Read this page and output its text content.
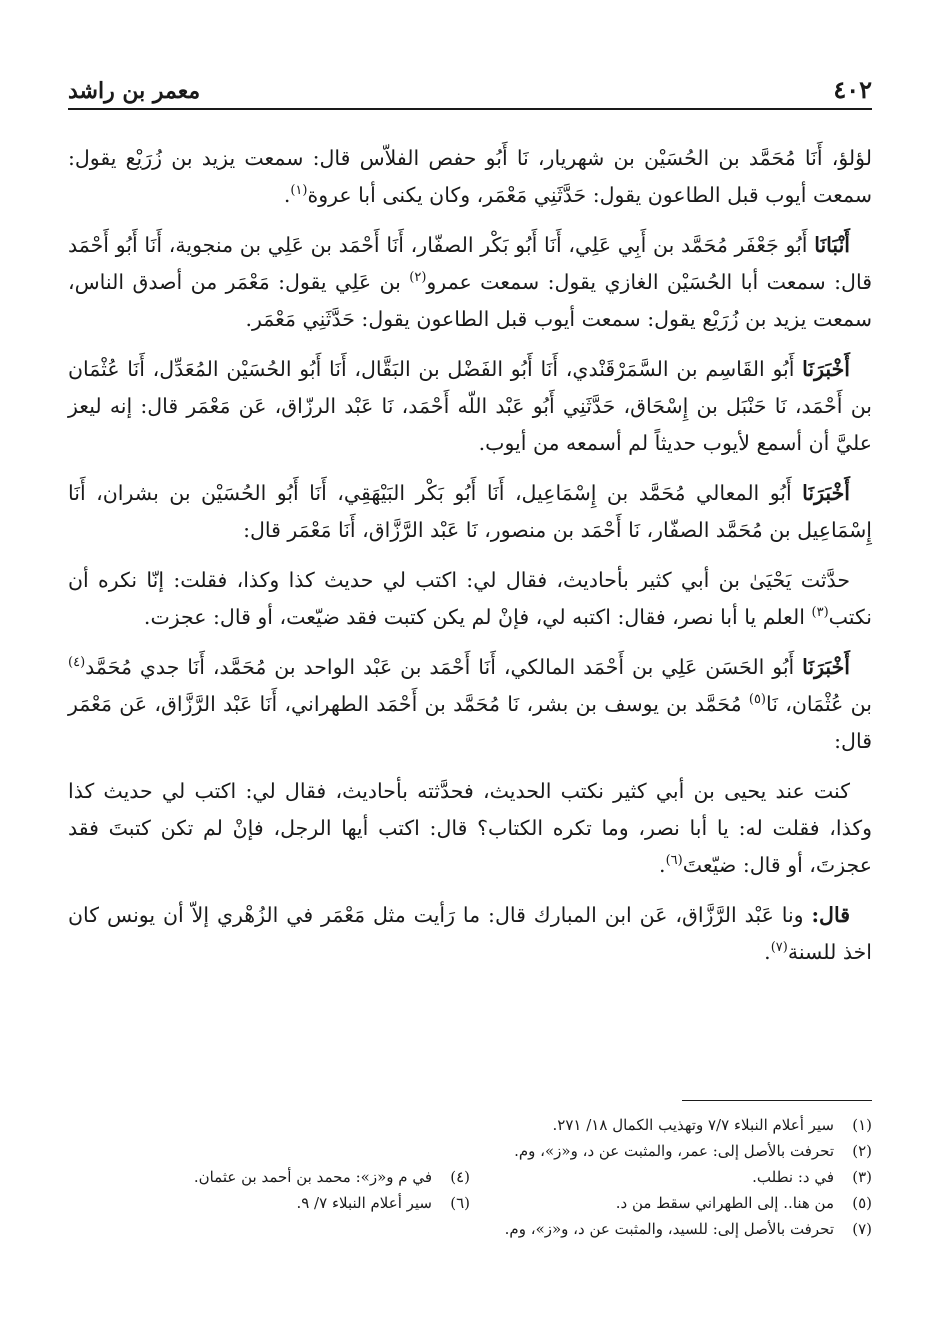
٤٠٢
معمر بن راشد

لؤلؤ، أَنَا مُحَمَّد بن الحُسَيْن بن شهريار، نَا أَبُو حفص الفلاّس قال: سمعت يزيد بن زُرَيْع يقول: سمعت أيوب قبل الطاعون يقول: حَدَّثَنِي مَعْمَر، وكان يكنى أبا عروة$^{(١)}$.

أَنْبَانَا أَبُو جَعْفَر مُحَمَّد بن أَبِي عَلِي، أَنَا أَبُو بَكْر الصفّار، أَنَا أَحْمَد بن عَلِي بن منجوية، أَنَا أَبُو أَحْمَد قال: سمعت أبا الحُسَيْن الغازي يقول: سمعت عمرو$^{(٢)}$ بن عَلِي يقول: مَعْمَر من أصدق الناس، سمعت يزيد بن زُرَيْع يقول: سمعت أيوب قبل الطاعون يقول: حَدَّثَنِي مَعْمَر.

أَخْبَرَنَا أَبُو القَاسِم بن السَّمَرْقَنْدي، أَنَا أَبُو الفَضْل بن البَقَّال، أَنَا أَبُو الحُسَيْن المُعَدِّل، أَنَا عُثْمَان بن أَحْمَد، نَا حَنْبَل بن إِسْحَاق، حَدَّثَنِي أَبُو عَبْد اللّه أَحْمَد، نَا عَبْد الرزّاق، عَن مَعْمَر قال: إنه ليعز عليَّ أن أسمع لأيوب حديثاً لم أسمعه من أيوب.

أَخْبَرَنَا أَبُو المعالي مُحَمَّد بن إِسْمَاعِيل، أَنَا أَبُو بَكْر البَيْهَقِي، أَنَا أَبُو الحُسَيْن بن بشران، أَنَا إِسْمَاعِيل بن مُحَمَّد الصفّار، نَا أَحْمَد بن منصور، نَا عَبْد الرَّزَّاق، أَنَا مَعْمَر قال:

حدَّثت يَحْيَىٰ بن أبي كثير بأحاديث، فقال لي: اكتب لي حديث كذا وكذا، فقلت: إنّا نكره أن نكتب$^{(٣)}$ العلم يا أبا نصر، فقال: اكتبه لي، فإنْ لم يكن كتبت فقد ضيّعت، أو قال: عجزت.

أَخْبَرَنَا أَبُو الحَسَن عَلِي بن أَحْمَد المالكي، أَنَا أَحْمَد بن عَبْد الواحد بن مُحَمَّد، أَنَا جدي مُحَمَّد$^{(٤)}$ بن عُثْمَان، نَا$^{(٥)}$ مُحَمَّد بن يوسف بن بشر، نَا مُحَمَّد بن أَحْمَد الطهراني، أَنَا عَبْد الرَّزَّاق، عَن مَعْمَر قال:

كنت عند يحيى بن أبي كثير نكتب الحديث، فحدَّثته بأحاديث، فقال لي: اكتب لي حديث كذا وكذا، فقلت له: يا أبا نصر، وما تكره الكتاب؟ قال: اكتب أيها الرجل، فإنْ لم تكن كتبتَ فقد عجزتَ، أو قال: ضيّعتَ$^{(٦)}$.

قال: ونا عَبْد الرَّزَّاق، عَن ابن المبارك قال: ما رَأيت مثل مَعْمَر في الزُهْري إلاّ أن يونس كان اخذ للسنة$^{(٧)}$.

(١)سير أعلام النبلاء ٧/٧ وتهذيب الكمال ١٨/ ٢٧١.
(٢)تحرفت بالأصل إلى: عمر، والمثبت عن د، و«ز»، وم.
(٣)في د: نطلب.
(٤)في م و«ز»: محمد بن أحمد بن عثمان.
(٥)من هنا.. إلى الطهراني سقط من د.
(٦)سير أعلام النبلاء ٧/ ٩.
(٧)تحرفت بالأصل إلى: للسيد، والمثبت عن د، و«ز»، وم.
